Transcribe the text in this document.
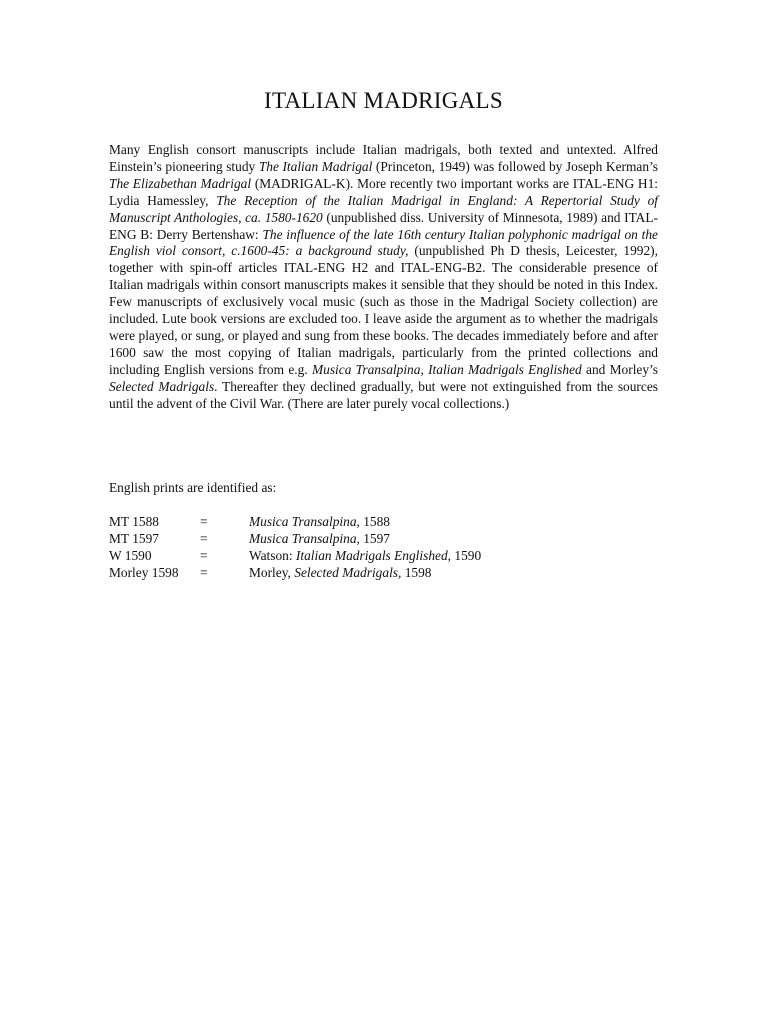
ITALIAN MADRIGALS

Many English consort manuscripts include Italian madrigals, both texted and untexted. Alfred Einstein’s pioneering study The Italian Madrigal (Princeton, 1949) was followed by Joseph Kerman’s The Elizabethan Madrigal (MADRIGAL-K). More recently two important works are ITAL-ENG H1: Lydia Hamessley, The Reception of the Italian Madrigal in England: A Repertorial Study of Manuscript Anthologies, ca. 1580-1620 (unpublished diss. University of Minnesota, 1989) and ITAL-ENG B: Derry Bertenshaw: The influence of the late 16th century Italian polyphonic madrigal on the English viol consort, c.1600-45: a background study, (unpublished Ph D thesis, Leicester, 1992), together with spin-off articles ITAL-ENG H2 and ITAL-ENG-B2. The considerable presence of Italian madrigals within consort manuscripts makes it sensible that they should be noted in this Index. Few manuscripts of exclusively vocal music (such as those in the Madrigal Society collection) are included. Lute book versions are excluded too. I leave aside the argument as to whether the madrigals were played, or sung, or played and sung from these books. The decades immediately before and after 1600 saw the most copying of Italian madrigals, particularly from the printed collections and including English versions from e.g. Musica Transalpina, Italian Madrigals Englished and Morley’s Selected Madrigals. Thereafter they declined gradually, but were not extinguished from the sources until the advent of the Civil War. (There are later purely vocal collections.)

English prints are identified as:

MT 1588	=	Musica Transalpina, 1588
MT 1597	=	Musica Transalpina, 1597
W 1590	=	Watson: Italian Madrigals Englished, 1590
Morley 1598 =	Morley, Selected Madrigals, 1598
